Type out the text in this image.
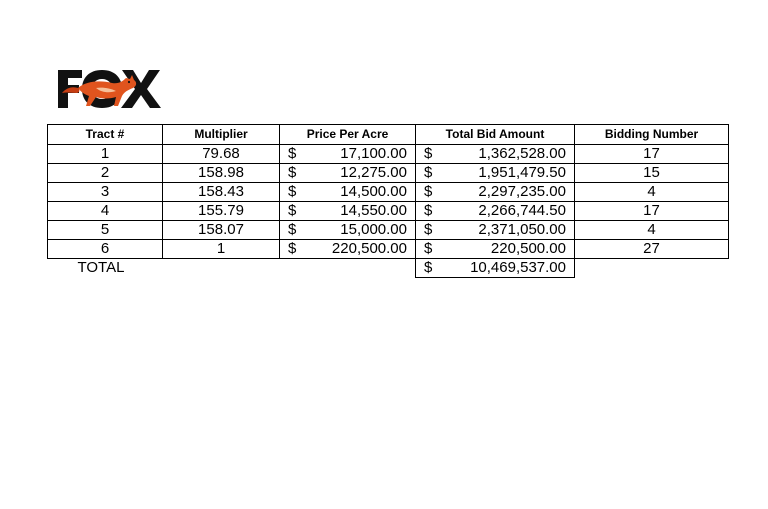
Tract #	Multiplier	Price Per Acre	Total Bid Amount	Bidding Number
1	79.68	$ 17,100.00	$ 1,362,528.00	17
2	158.98	$ 12,275.00	$ 1,951,479.50	15
3	158.43	$ 14,500.00	$ 2,297,235.00	4
4	155.79	$ 14,550.00	$ 2,266,744.50	17
5	158.07	$ 15,000.00	$ 2,371,050.00	4
6	1	$ 220,500.00	$ 220,500.00	27
TOTAL			$ 10,469,537.00	
